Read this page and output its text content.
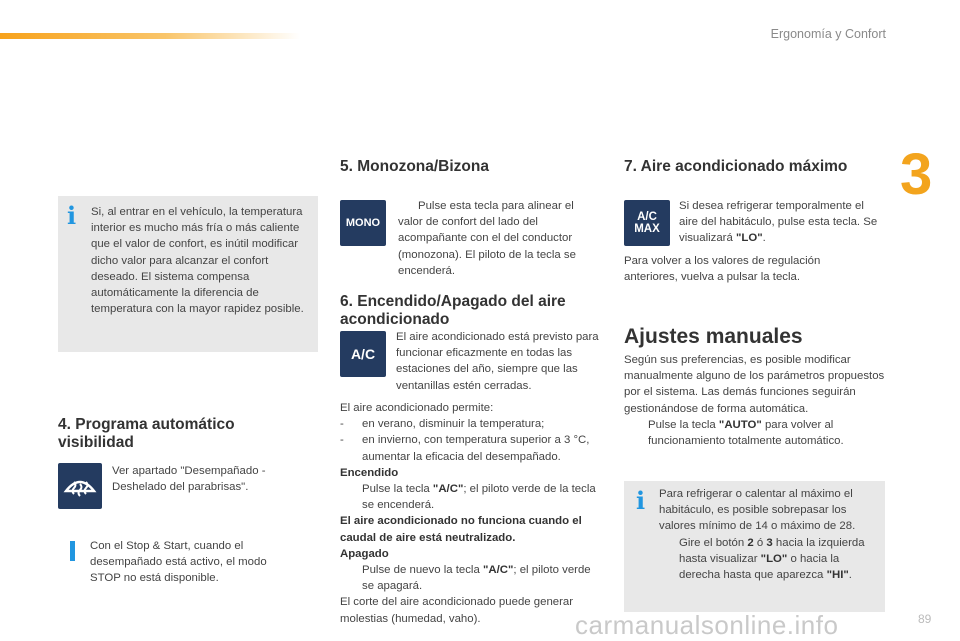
Ergonomía y Confort
3
i Si, al entrar en el vehículo, la temperatura interior es mucho más fría o más caliente que el valor de confort, es inútil modificar dicho valor para alcanzar el confort deseado. El sistema compensa automáticamente la diferencia de temperatura con la mayor rapidez posible.
4. Programa automático visibilidad
Ver apartado "Desempañado - Deshelado del parabrisas".
Con el Stop & Start, cuando el desempañado está activo, el modo STOP no está disponible.
5. Monozona/Bizona
MONO
Pulse esta tecla para alinear el valor de confort del lado del acompañante con el del conductor (monozona). El piloto de la tecla se encenderá.
6. Encendido/Apagado del aire acondicionado
A/C
El aire acondicionado está previsto para funcionar eficazmente en todas las estaciones del año, siempre que las ventanillas estén cerradas.
El aire acondicionado permite:
-	en verano, disminuir la temperatura;
-	en invierno, con temperatura superior a 3 °C, aumentar la eficacia del desempañado.
Encendido
Pulse la tecla "A/C"; el piloto verde de la tecla se encenderá.
El aire acondicionado no funciona cuando el caudal de aire está neutralizado.
Apagado
Pulse de nuevo la tecla "A/C"; el piloto verde se apagará.
El corte del aire acondicionado puede generar molestias (humedad, vaho).
7. Aire acondicionado máximo
A/C
MAX
Si desea refrigerar temporalmente el aire del habitáculo, pulse esta tecla. Se visualizará "LO".
Para volver a los valores de regulación anteriores, vuelva a pulsar la tecla.
Ajustes manuales
Según sus preferencias, es posible modificar manualmente alguno de los parámetros propuestos por el sistema. Las demás funciones seguirán gestionándose de forma automática.
Pulse la tecla "AUTO" para volver al funcionamiento totalmente automático.
i Para refrigerar o calentar al máximo el habitáculo, es posible sobrepasar los valores mínimo de 14 o máximo de 28.
Gire el botón 2 ó 3 hacia la izquierda hasta visualizar "LO" o hacia la derecha hasta que aparezca "HI".
carmanualsonline.info	89
